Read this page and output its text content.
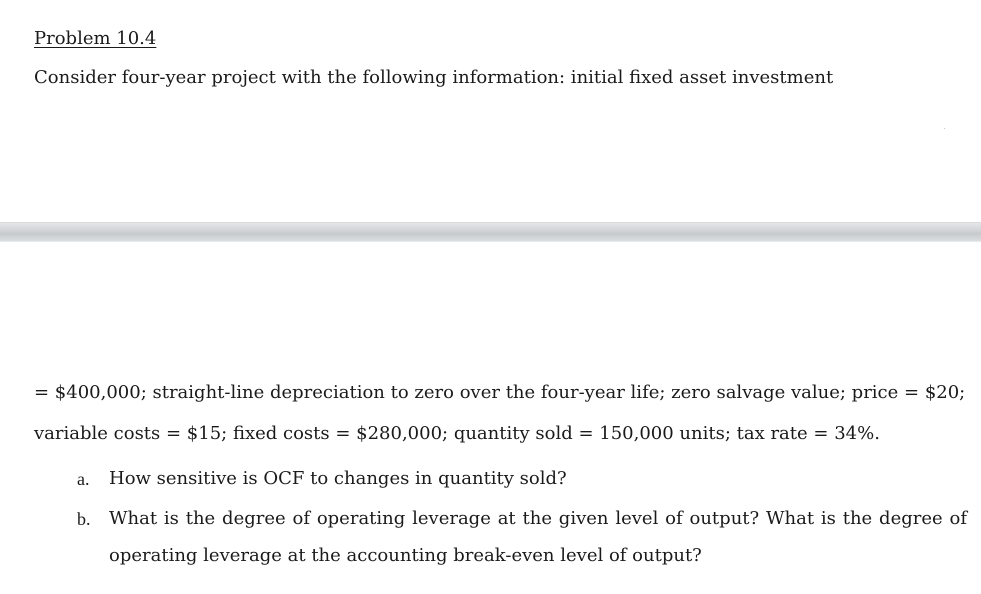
Problem 10.4
Consider four-year project with the following information: initial fixed asset investment
= $400,000; straight-line depreciation to zero over the four-year life; zero salvage value; price = $20;
variable costs = $15; fixed costs = $280,000; quantity sold = 150,000 units; tax rate = 34%.
a. How sensitive is OCF to changes in quantity sold?
b. What is the degree of operating leverage at the given level of output? What is the degree of
operating leverage at the accounting break-even level of output?
